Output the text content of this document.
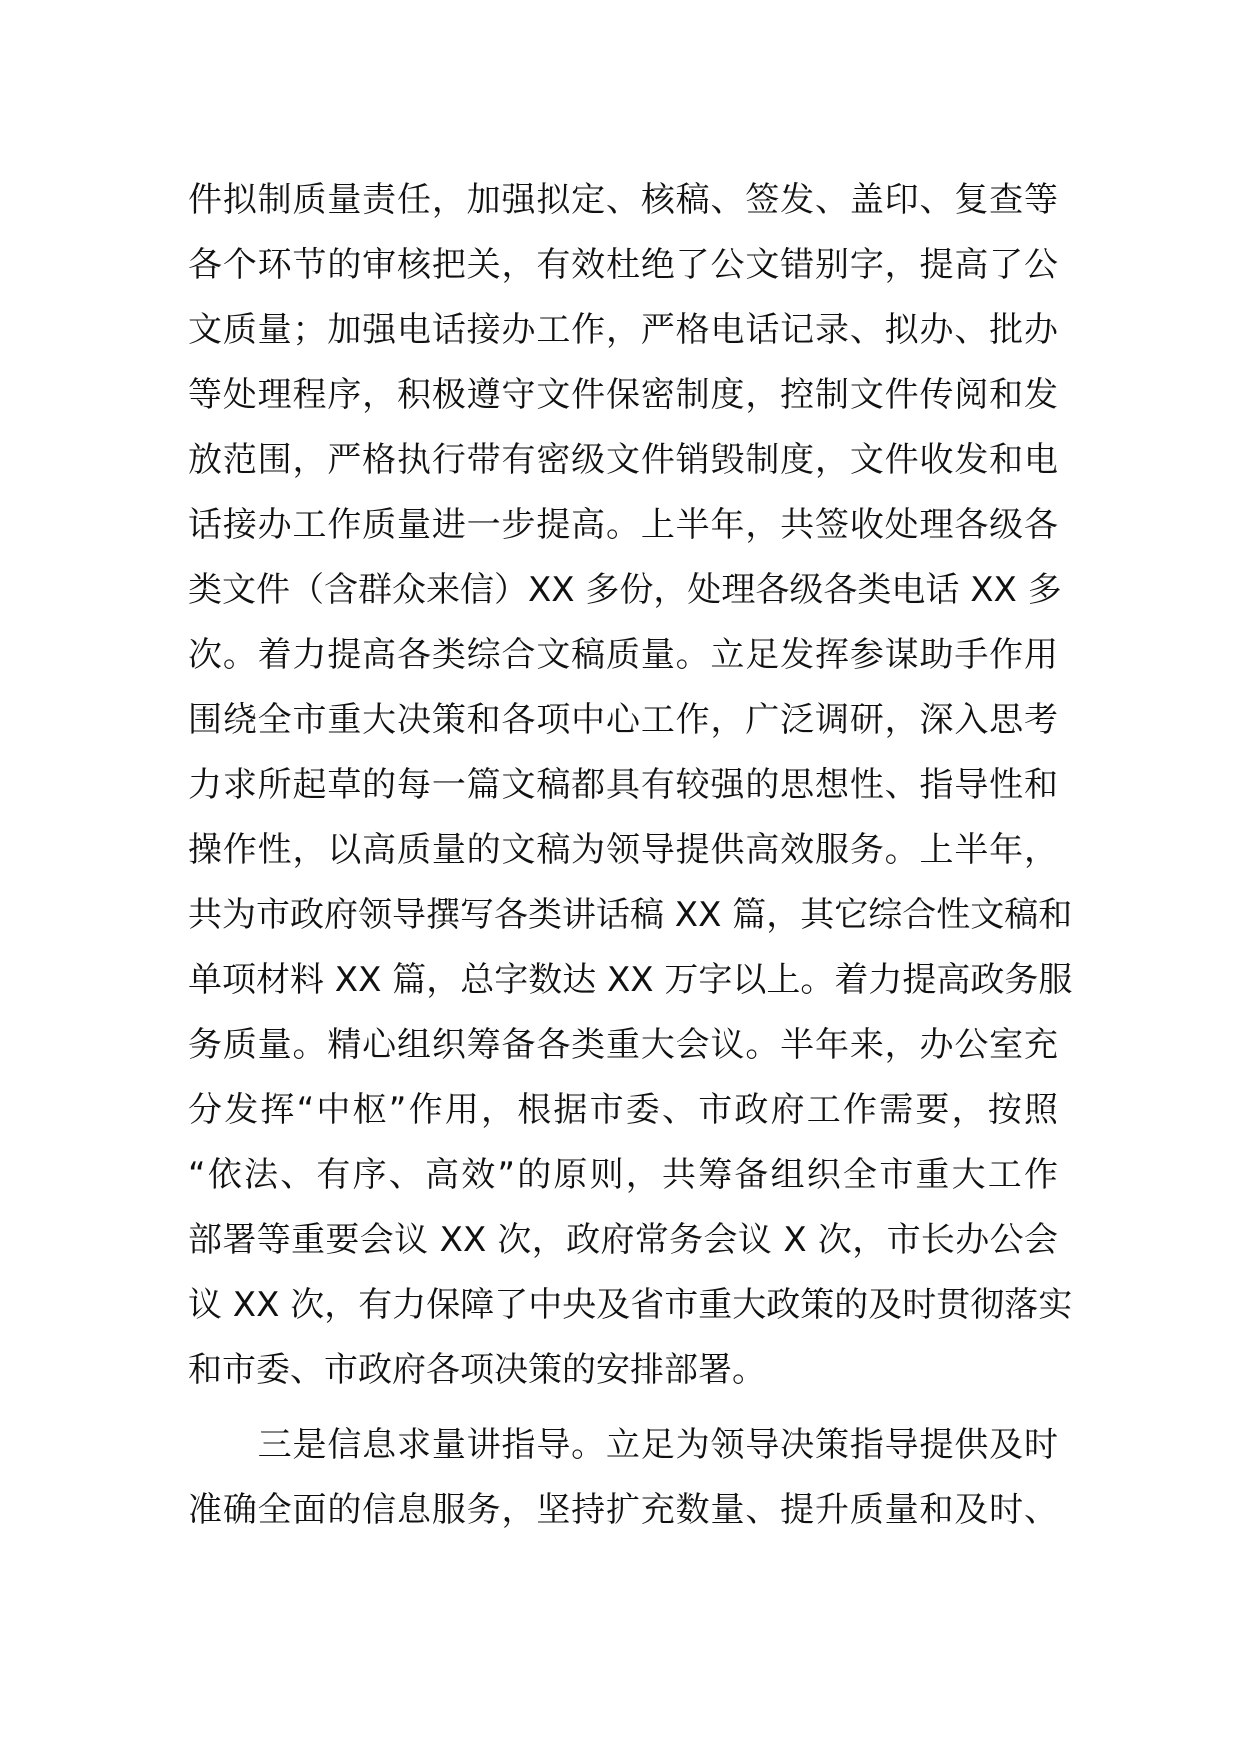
件拟制质量责任，加强拟定、核稿、签发、盖印、复查等
各个环节的审核把关，有效杜绝了公文错别字，提高了公
文质量；加强电话接办工作，严格电话记录、拟办、批办
等处理程序，积极遵守文件保密制度，控制文件传阅和发
放范围，严格执行带有密级文件销毁制度，文件收发和电
话接办工作质量进一步提高。上半年，共签收处理各级各
类文件（含群众来信）XX 多份，处理各级各类电话 XX 多
次。着力提高各类综合文稿质量。立足发挥参谋助手作用
围绕全市重大决策和各项中心工作，广泛调研，深入思考
力求所起草的每一篇文稿都具有较强的思想性、指导性和
操作性，以高质量的文稿为领导提供高效服务。上半年，
共为市政府领导撰写各类讲话稿 XX 篇，其它综合性文稿和
单项材料 XX 篇，总字数达 XX 万字以上。着力提高政务服
务质量。精心组织筹备各类重大会议。半年来，办公室充
分发挥“中枢”作用，根据市委、市政府工作需要，按照
“依法、有序、高效”的原则，共筹备组织全市重大工作
部署等重要会议 XX 次，政府常务会议 X 次，市长办公会
议 XX 次，有力保障了中央及省市重大政策的及时贯彻落实
和市委、市政府各项决策的安排部署。
　　三是信息求量讲指导。立足为领导决策指导提供及时
准确全面的信息服务，坚持扩充数量、提升质量和及时、
